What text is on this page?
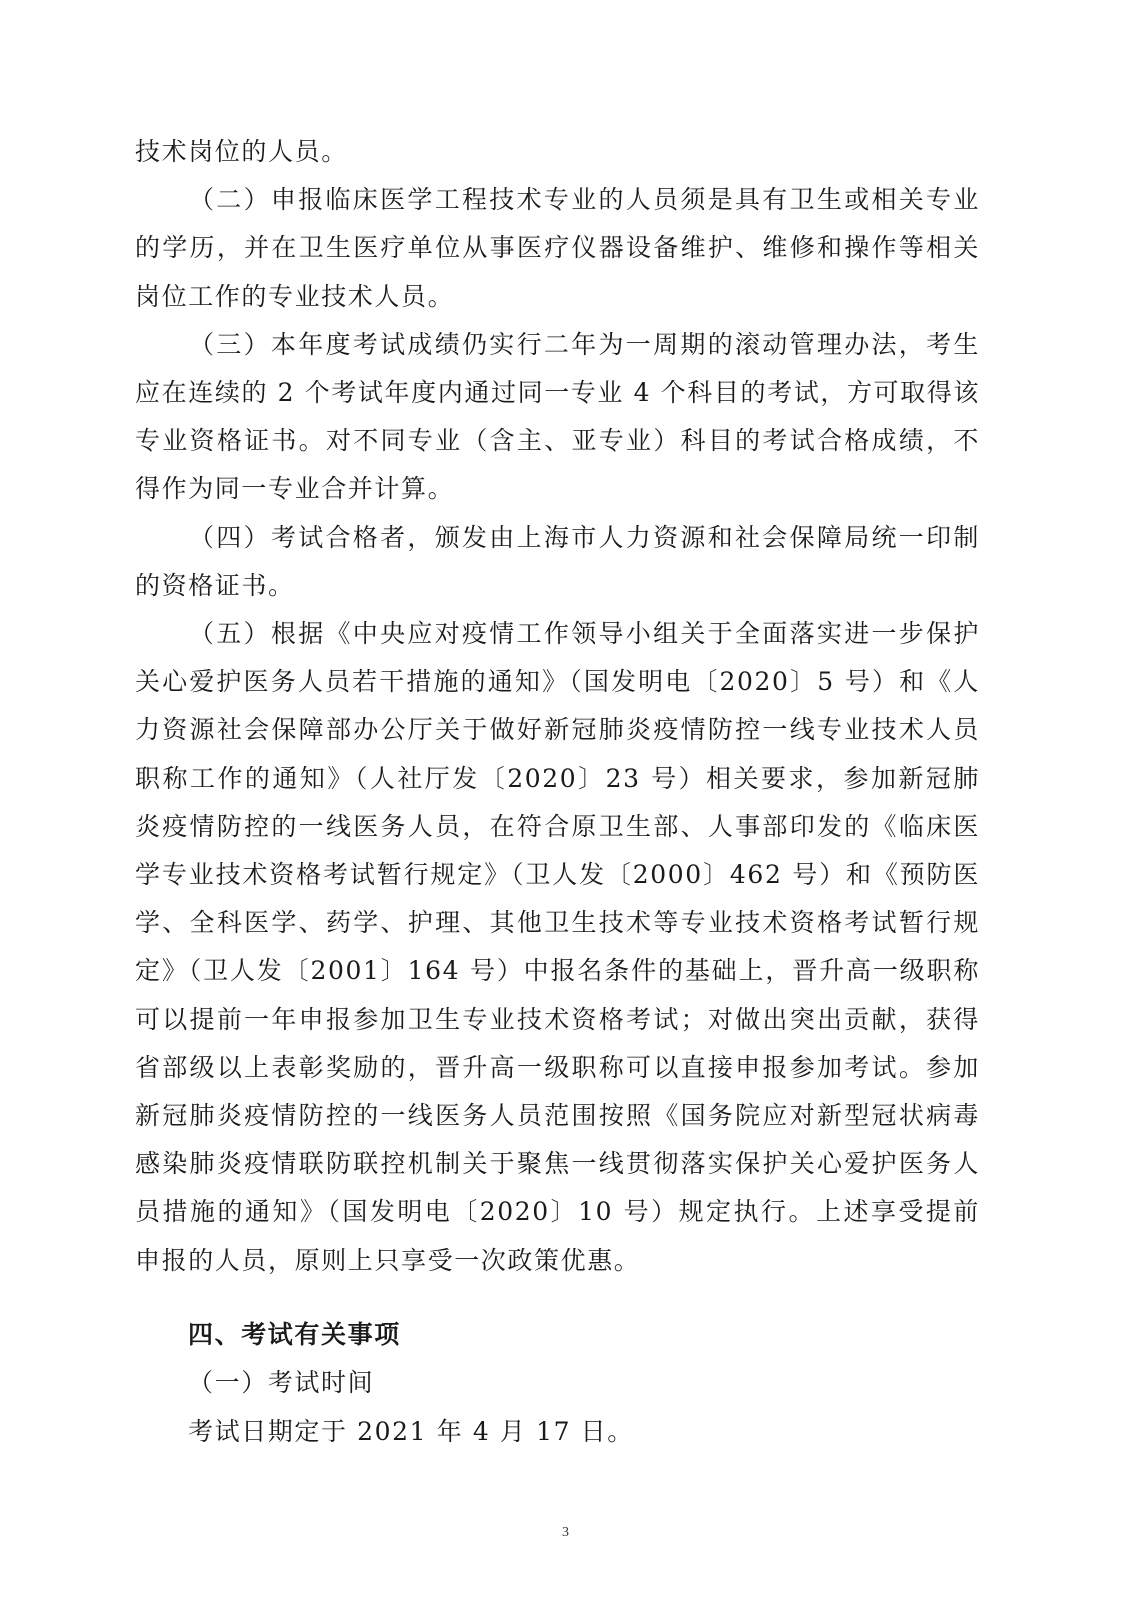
技术岗位的人员。

（二）申报临床医学工程技术专业的人员须是具有卫生或相关专业的学历，并在卫生医疗单位从事医疗仪器设备维护、维修和操作等相关岗位工作的专业技术人员。

（三）本年度考试成绩仍实行二年为一周期的滚动管理办法，考生应在连续的 2 个考试年度内通过同一专业 4 个科目的考试，方可取得该专业资格证书。对不同专业（含主、亚专业）科目的考试合格成绩，不得作为同一专业合并计算。

（四）考试合格者，颁发由上海市人力资源和社会保障局统一印制的资格证书。

（五）根据《中央应对疫情工作领导小组关于全面落实进一步保护关心爱护医务人员若干措施的通知》（国发明电〔2020〕5 号）和《人力资源社会保障部办公厅关于做好新冠肺炎疫情防控一线专业技术人员职称工作的通知》（人社厅发〔2020〕23 号）相关要求，参加新冠肺炎疫情防控的一线医务人员，在符合原卫生部、人事部印发的《临床医学专业技术资格考试暂行规定》（卫人发〔2000〕462 号）和《预防医学、全科医学、药学、护理、其他卫生技术等专业技术资格考试暂行规定》（卫人发〔2001〕164 号）中报名条件的基础上，晋升高一级职称可以提前一年申报参加卫生专业技术资格考试；对做出突出贡献，获得省部级以上表彰奖励的，晋升高一级职称可以直接申报参加考试。参加新冠肺炎疫情防控的一线医务人员范围按照《国务院应对新型冠状病毒感染肺炎疫情联防联控机制关于聚焦一线贯彻落实保护关心爱护医务人员措施的通知》（国发明电〔2020〕10 号）规定执行。上述享受提前申报的人员，原则上只享受一次政策优惠。

四、考试有关事项

（一）考试时间

考试日期定于 2021 年 4 月 17 日。

3
